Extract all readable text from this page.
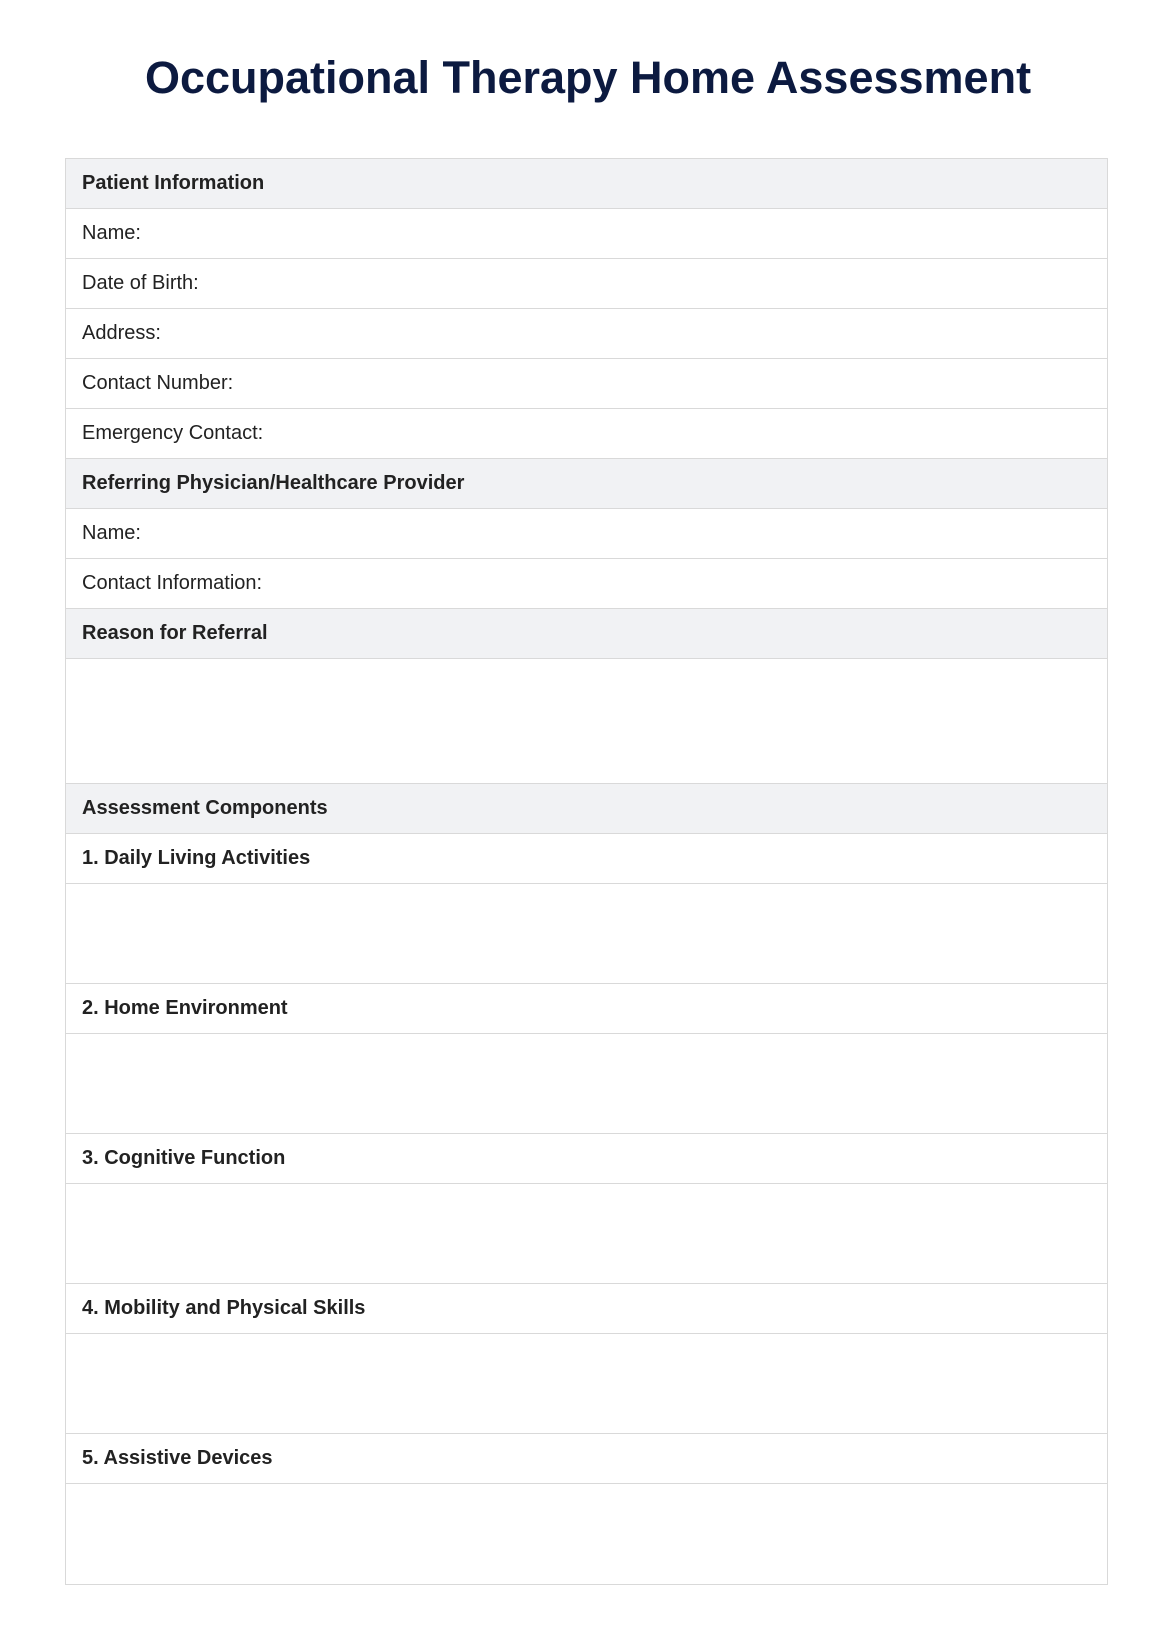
Occupational Therapy Home Assessment
Patient Information
Name:
Date of Birth:
Address:
Contact Number:
Emergency Contact:
Referring Physician/Healthcare Provider
Name:
Contact Information:
Reason for Referral
Assessment Components
1. Daily Living Activities
2. Home Environment
3. Cognitive Function
4. Mobility and Physical Skills
5. Assistive Devices
